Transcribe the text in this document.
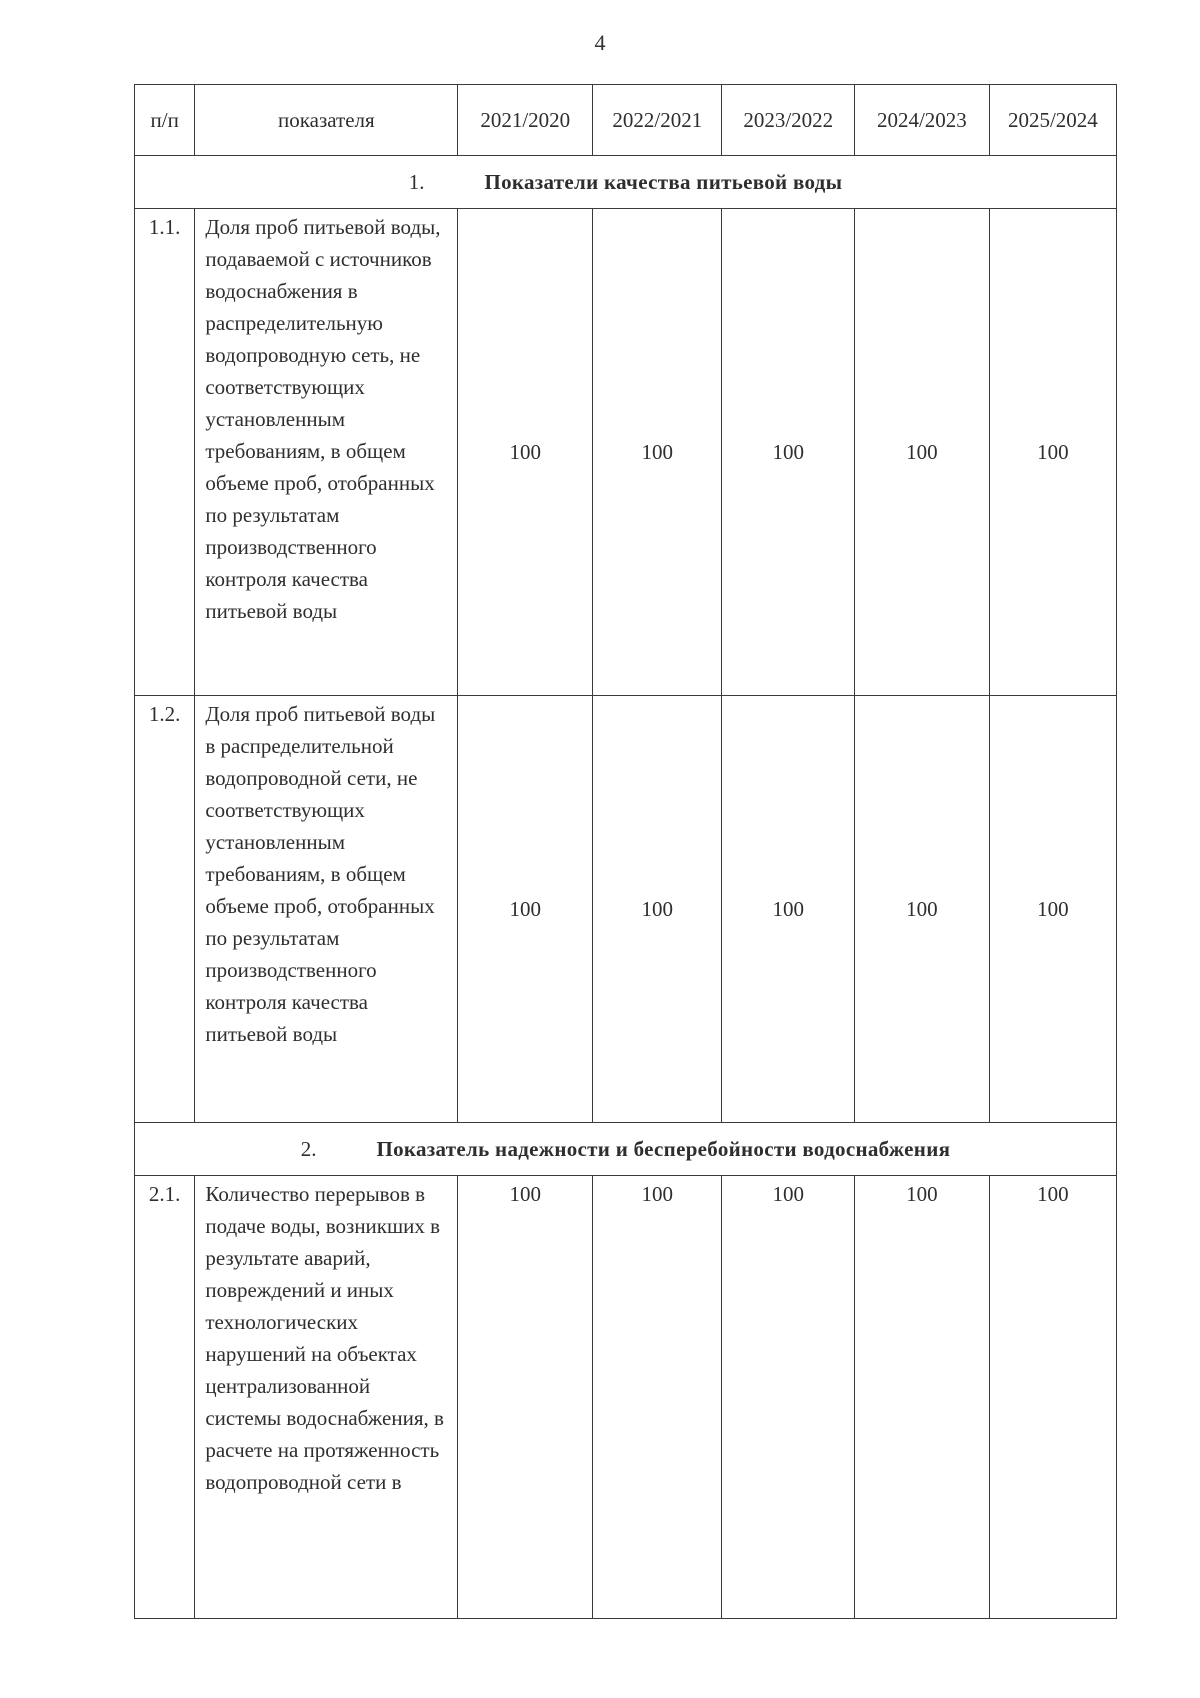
4
п/п	показателя	2021/2020	2022/2021	2023/2022	2024/2023	2025/2024
1. Показатели качества питьевой воды						
1.1.	Доля проб питьевой воды, подаваемой с источников водоснабжения в распределительную водопроводную сеть, не соответствующих установленным требованиям, в общем объеме проб, отобранных по результатам производственного контроля качества питьевой воды	100	100	100	100	100
1.2.	Доля проб питьевой воды в распределительной водопроводной сети, не соответствующих установленным требованиям, в общем объеме проб, отобранных по результатам производственного контроля качества питьевой воды	100	100	100	100	100
2. Показатель надежности и бесперебойности водоснабжения						
2.1.	Количество перерывов в подаче воды, возникших в результате аварий, повреждений и иных технологических нарушений на объектах централизованной системы водоснабжения, в расчете на протяженность водопроводной сети в	100	100	100	100	100
